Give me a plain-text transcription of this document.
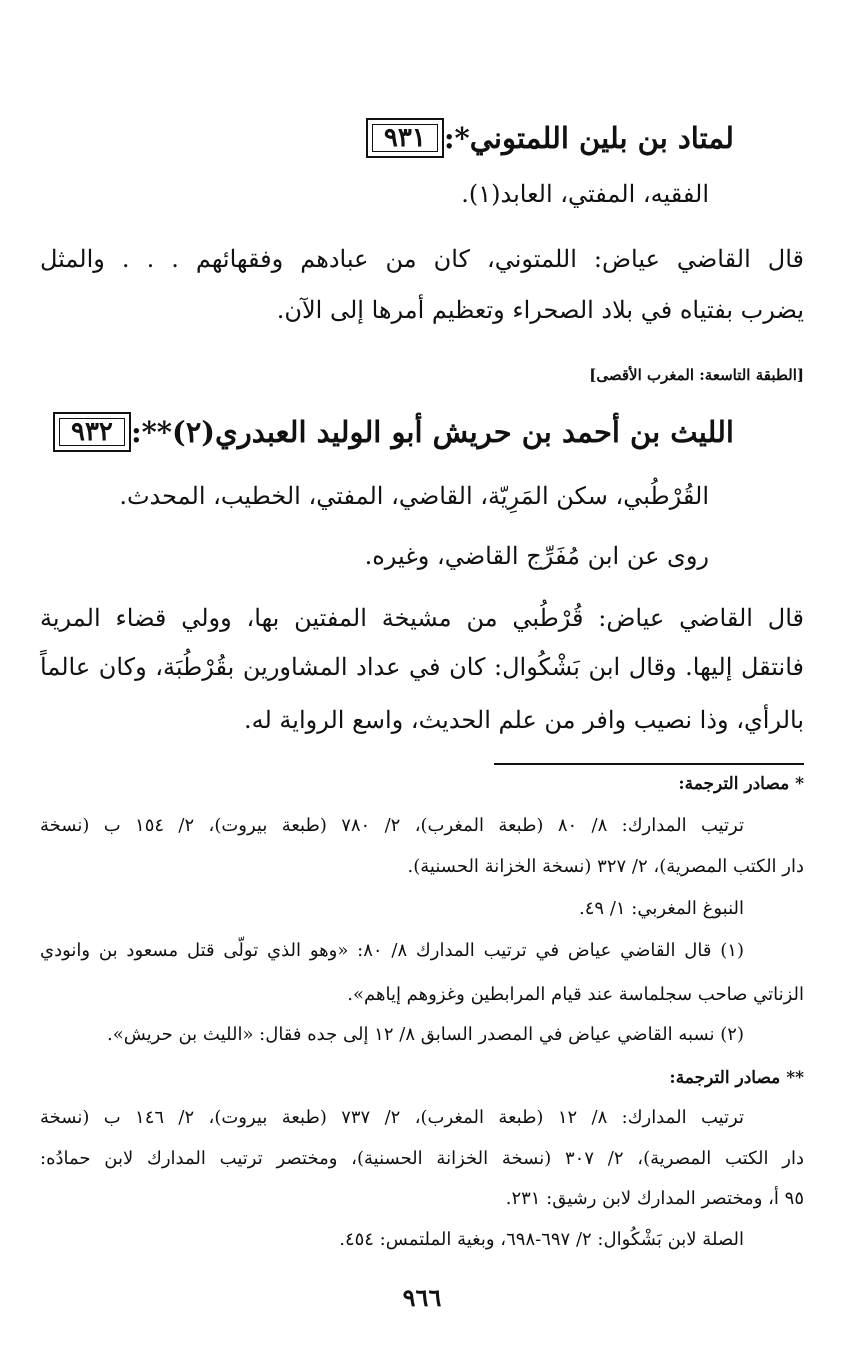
٩٣١ لمتاد بن بلين اللمتوني*:
الفقيه، المفتي، العابد(١).
قال القاضي عياض: اللمتوني، كان من عبادهم وفقهائهم . . . والمثل
يضرب بفتياه في بلاد الصحراء وتعظيم أمرها إلى الآن.
[الطبقة التاسعة: المغرب الأقصى]
٩٣٢ الليث بن أحمد بن حريش أبو الوليد العبدري(٢)**:
القُرْطُبي، سكن المَرِيّة، القاضي، المفتي، الخطيب، المحدث.
روى عن ابن مُفَرِّج القاضي، وغيره.
قال القاضي عياض: قُرْطُبي من مشيخة المفتين بها، وولي قضاء المرية
فانتقل إليها. وقال ابن بَشْكُوال: كان في عداد المشاورين بقُرْطُبَة، وكان عالماً
بالرأي، وذا نصيب وافر من علم الحديث، واسع الرواية له.
* مصادر الترجمة:
ترتيب المدارك: ٨/ ٨٠ (طبعة المغرب)، ٢/ ٧٨٠ (طبعة بيروت)، ٢/ ١٥٤ ب (نسخة
دار الكتب المصرية)، ٢/ ٣٢٧ (نسخة الخزانة الحسنية).
النبوغ المغربي: ١/ ٤٩.
(١) قال القاضي عياض في ترتيب المدارك ٨/ ٨٠: «وهو الذي تولّى قتل مسعود بن وانودي
الزناتي صاحب سجلماسة عند قيام المرابطين وغزوهم إياهم».
(٢) نسبه القاضي عياض في المصدر السابق ٨/ ١٢ إلى جده فقال: «الليث بن حريش».
** مصادر الترجمة:
ترتيب المدارك: ٨/ ١٢ (طبعة المغرب)، ٢/ ٧٣٧ (طبعة بيروت)، ٢/ ١٤٦ ب (نسخة
دار الكتب المصرية)، ٢/ ٣٠٧ (نسخة الخزانة الحسنية)، ومختصر ترتيب المدارك لابن حمادُه:
٩٥ أ، ومختصر المدارك لابن رشيق: ٢٣١.
الصلة لابن بَشْكُوال: ٢/ ٦٩٧-٦٩٨، وبغية الملتمس: ٤٥٤.
٩٦٦
